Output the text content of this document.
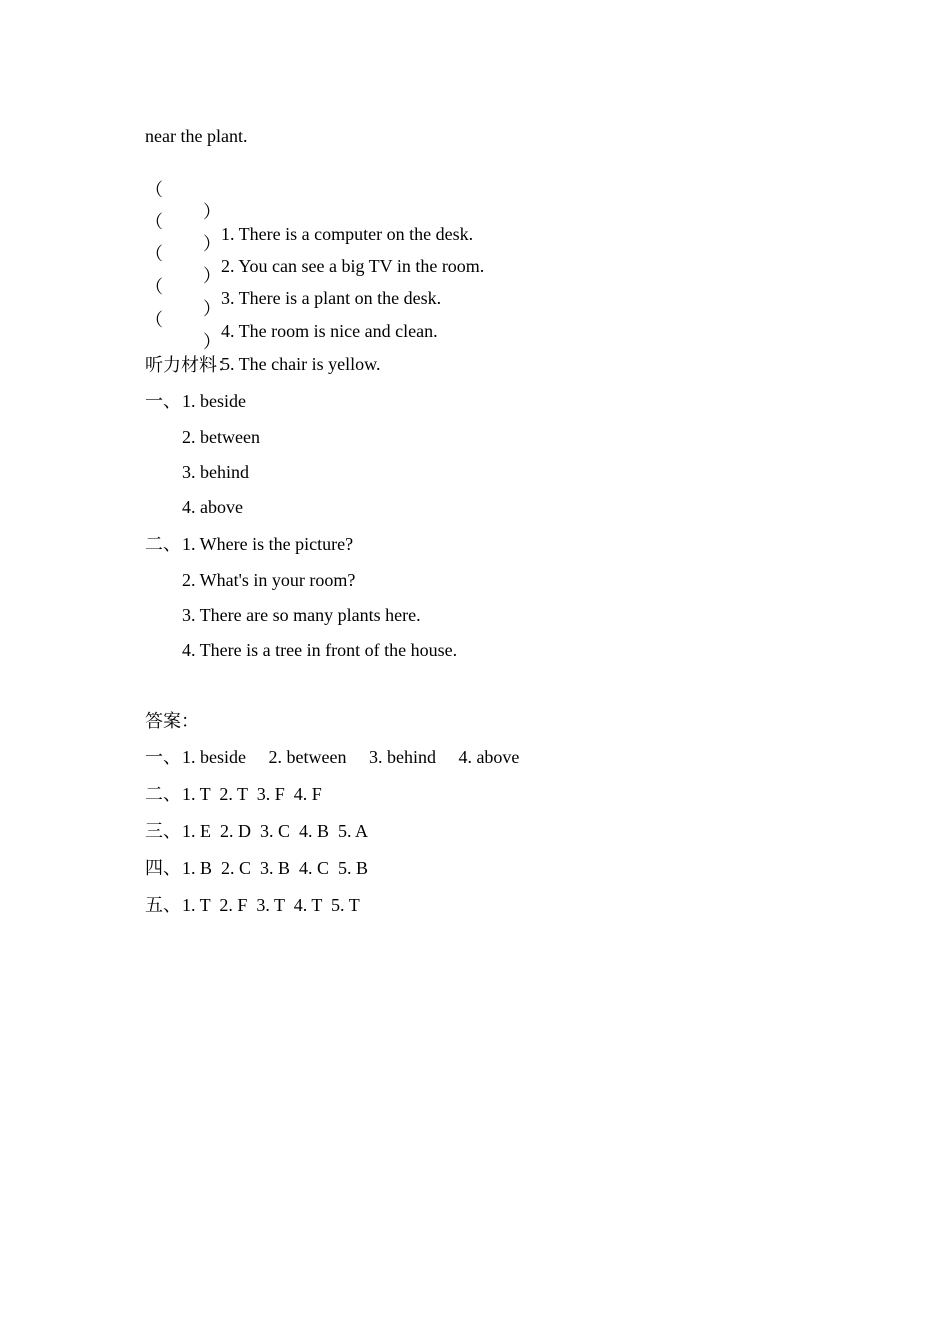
near the plant.

（

）

1. There is a computer on the desk.

（

）

2. You can see a big TV in the room.

（

）

3. There is a plant on the desk.

（

）

4. The room is nice and clean.

（

）

5. The chair is yellow.

听力材料：
一、 1. beside
2. between
3. behind
4. above
二、 1. Where is the picture?
2. What's in your room?
3. There are so many plants here.
4. There is a tree in front of the house.
答案：
一、 1. beside     2. between     3. behind     4. above
二、 1. T  2. T  3. F  4. F
三、 1. E  2. D  3. C  4. B  5. A
四、 1. B  2. C  3. B  4. C  5. B
五、 1. T  2. F  3. T  4. T  5. T
